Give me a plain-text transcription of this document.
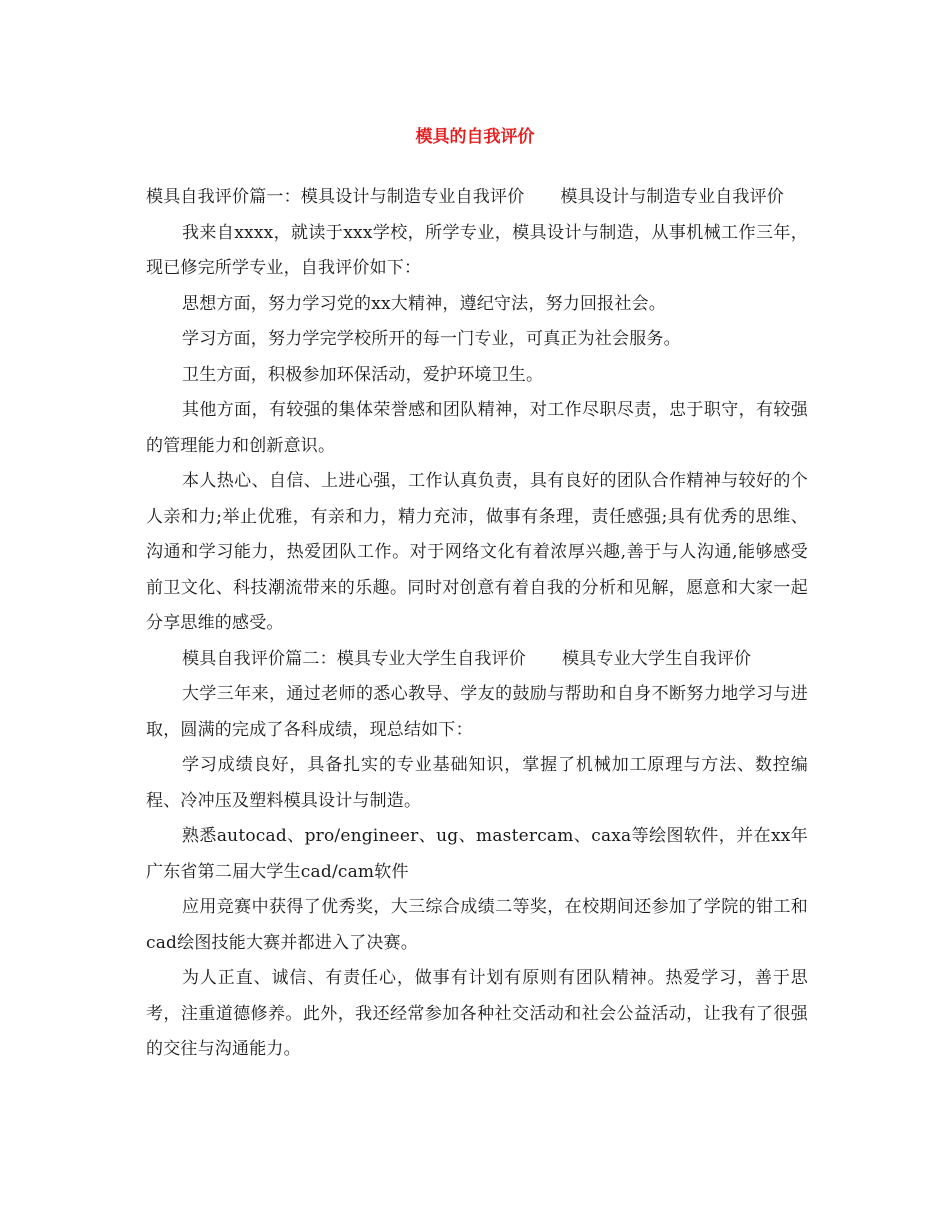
模具的自我评价

模具自我评价篇一：模具设计与制造专业自我评价 模具设计与制造专业自我评价

我来自xxxx，就读于xxx学校，所学专业，模具设计与制造，从事机械工作三年，现已修完所学专业，自我评价如下：

思想方面，努力学习党的xx大精神，遵纪守法，努力回报社会。

学习方面，努力学完学校所开的每一门专业，可真正为社会服务。

卫生方面，积极参加环保活动，爱护环境卫生。

其他方面，有较强的集体荣誉感和团队精神，对工作尽职尽责，忠于职守，有较强的管理能力和创新意识。

本人热心、自信、上进心强，工作认真负责，具有良好的团队合作精神与较好的个人亲和力;举止优雅，有亲和力，精力充沛，做事有条理，责任感强;具有优秀的思维、沟通和学习能力，热爱团队工作。对于网络文化有着浓厚兴趣,善于与人沟通,能够感受前卫文化、科技潮流带来的乐趣。同时对创意有着自我的分析和见解，愿意和大家一起分享思维的感受。

模具自我评价篇二：模具专业大学生自我评价 模具专业大学生自我评价

大学三年来，通过老师的悉心教导、学友的鼓励与帮助和自身不断努力地学习与进取，圆满的完成了各科成绩，现总结如下：

学习成绩良好，具备扎实的专业基础知识，掌握了机械加工原理与方法、数控编程、冷冲压及塑料模具设计与制造。

熟悉autocad、pro/engineer、ug、mastercam、caxa等绘图软件，并在xx年广东省第二届大学生cad/cam软件

应用竞赛中获得了优秀奖，大三综合成绩二等奖，在校期间还参加了学院的钳工和cad绘图技能大赛并都进入了决赛。

为人正直、诚信、有责任心，做事有计划有原则有团队精神。热爱学习，善于思考，注重道德修养。此外，我还经常参加各种社交活动和社会公益活动，让我有了很强的交往与沟通能力。
